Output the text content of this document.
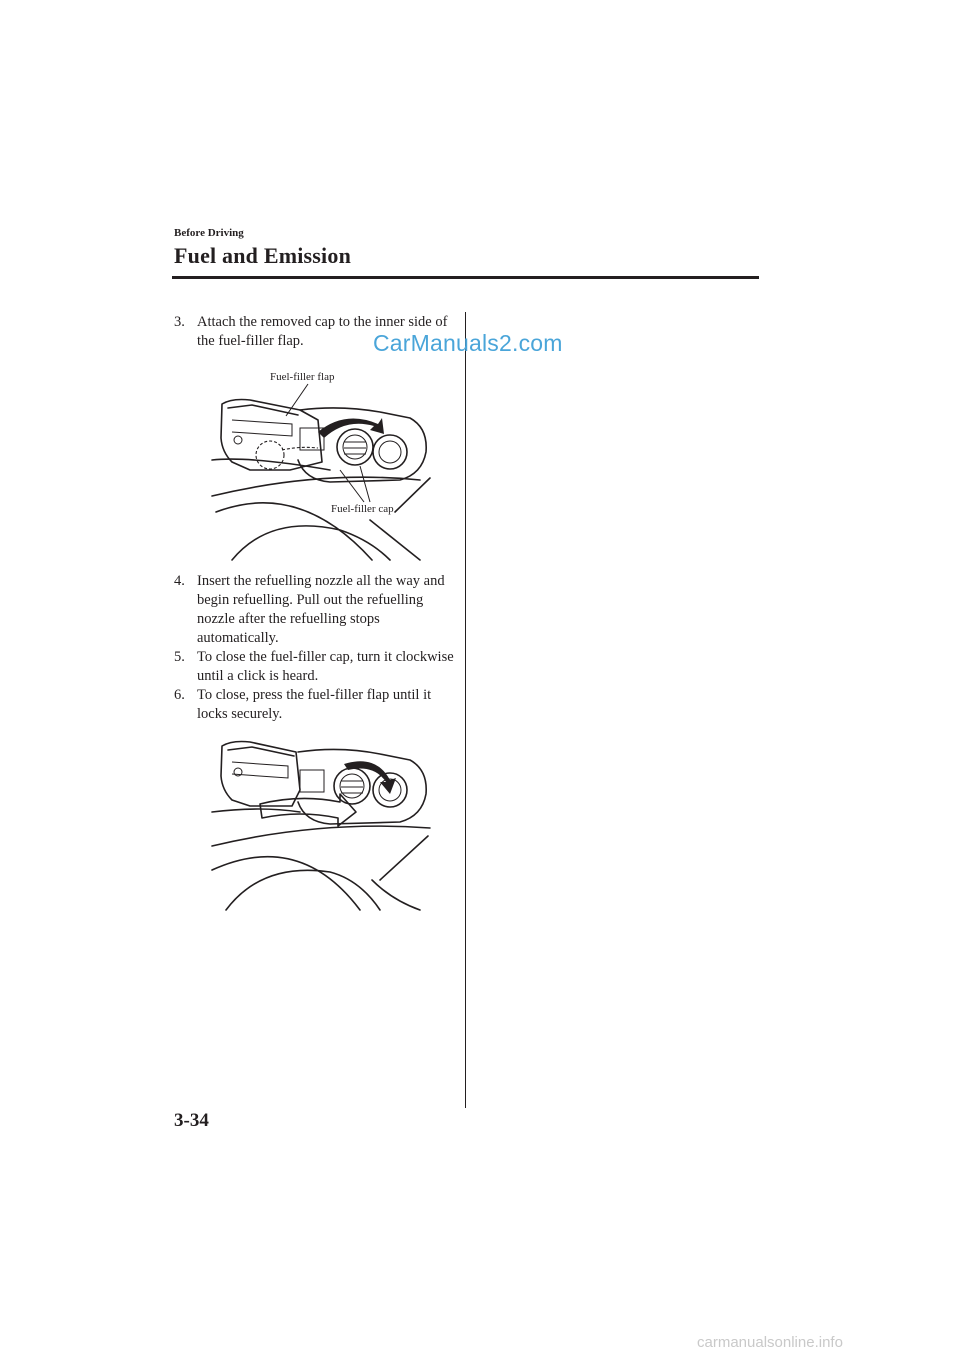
Before Driving
Fuel and Emission
3. Attach the removed cap to the inner side of the fuel-filler flap.	CarManuals2.com
Fuel-filler flap
Fuel-filler cap
4. Insert the refuelling nozzle all the way and begin refuelling. Pull out the refuelling nozzle after the refuelling stops automatically.
5. To close the fuel-filler cap, turn it clockwise until a click is heard.
6. To close, press the fuel-filler flap until it locks securely.
3-34
carmanualsonline.info
